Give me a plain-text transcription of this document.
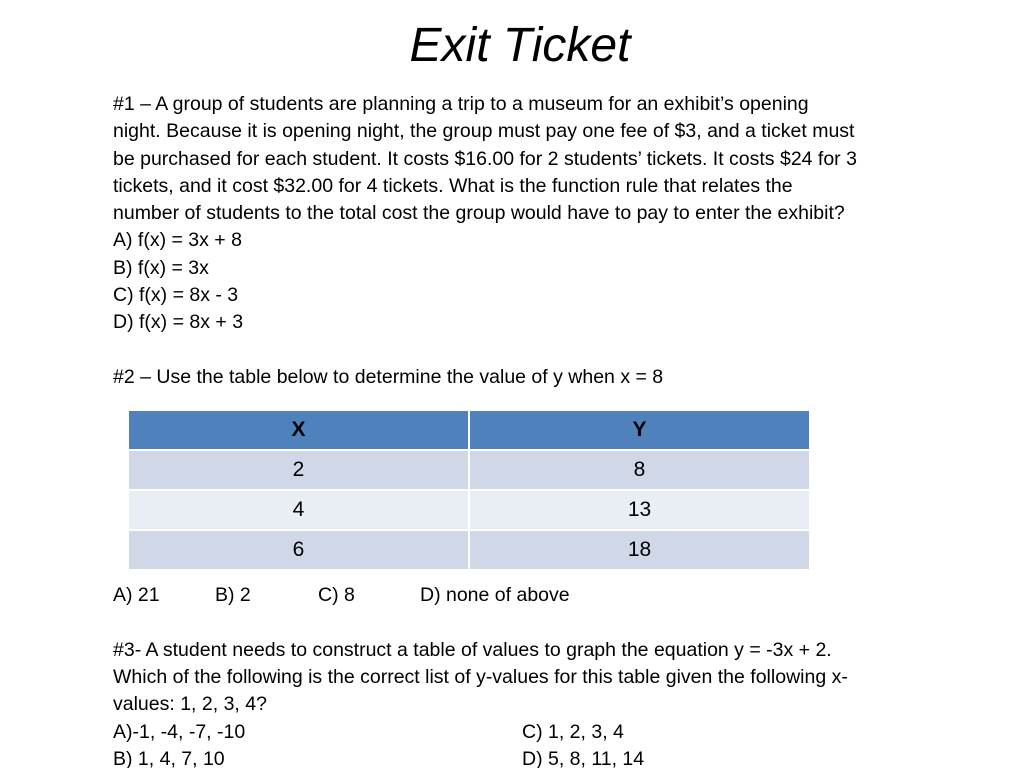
Exit Ticket
#1 – A group of students are planning a trip to a museum for an exhibit’s opening
night. Because it is opening night, the group must pay one fee of $3, and a ticket must
be purchased for each student. It costs $16.00 for 2 students’ tickets. It costs $24 for 3
tickets, and it cost $32.00 for 4 tickets. What is the function rule that relates the
number of students to the total cost the group would have to pay to enter the exhibit?
A) f(x) = 3x + 8
B) f(x) = 3x
C) f(x) = 8x - 3
D) f(x) = 8x + 3
#2 – Use the table below to determine the value of y when x = 8
X	Y
2	8
4	13
6	18
A) 21	B) 2	C) 8	D) none of above
#3- A student needs to construct a table of values to graph the equation y = -3x + 2.
Which of the following is the correct list of y-values for this table given the following x-
values: 1, 2, 3, 4?
A)-1, -4, -7, -10
B) 1, 4, 7, 10
C) 1, 2, 3, 4
D) 5, 8, 11, 14
